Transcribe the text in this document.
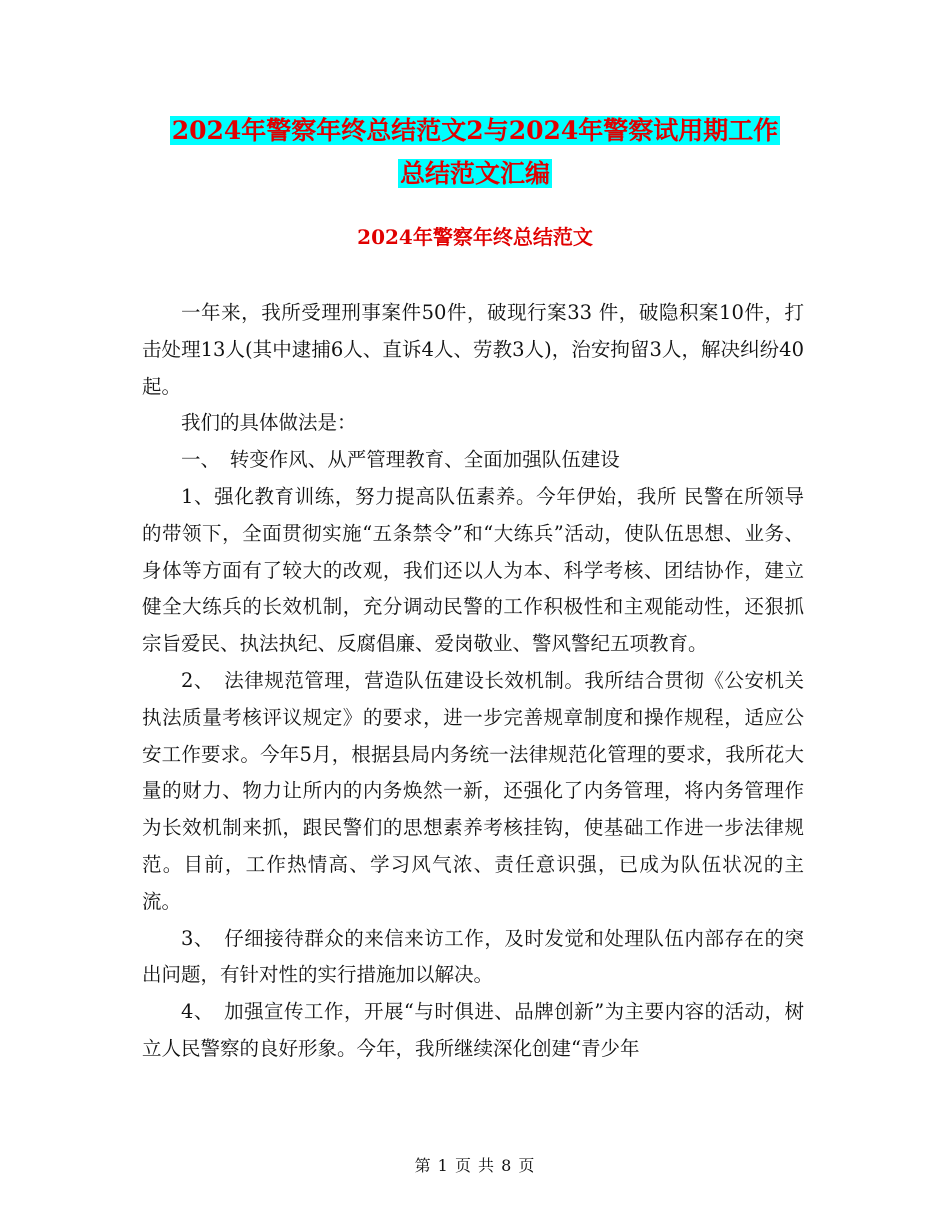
2024年警察年终总结范文2与2024年警察试用期工作
总结范文汇编
2024年警察年终总结范文

一年来，我所受理刑事案件50件，破现行案33 件，破隐积案10件，打击处理13人(其中逮捕6人、直诉4人、劳教3人)，治安拘留3人，解决纠纷40起。

我们的具体做法是：

一、　转变作风、从严管理教育、全面加强队伍建设

1、强化教育训练，努力提高队伍素养。今年伊始，我所 民警在所领导的带领下，全面贯彻实施“五条禁令”和“大练兵”活动，使队伍思想、业务、身体等方面有了较大的改观，我们还以人为本、科学考核、团结协作，建立健全大练兵的长效机制，充分调动民警的工作积极性和主观能动性，还狠抓宗旨爱民、执法执纪、反腐倡廉、爱岗敬业、警风警纪五项教育。

2、　法律规范管理，营造队伍建设长效机制。我所结合贯彻《公安机关执法质量考核评议规定》的要求，进一步完善规章制度和操作规程，适应公安工作要求。今年5月，根据县局内务统一法律规范化管理的要求，我所花大量的财力、物力让所内的内务焕然一新，还强化了内务管理，将内务管理作为长效机制来抓，跟民警们的思想素养考核挂钩，使基础工作进一步法律规范。目前，工作热情高、学习风气浓、责任意识强，已成为队伍状况的主流。

3、　仔细接待群众的来信来访工作，及时发觉和处理队伍内部存在的突出问题，有针对性的实行措施加以解决。

4、　加强宣传工作，开展“与时俱进、品牌创新”为主要内容的活动，树立人民警察的良好形象。今年，我所继续深化创建“青少年

第 1 页 共 8 页
